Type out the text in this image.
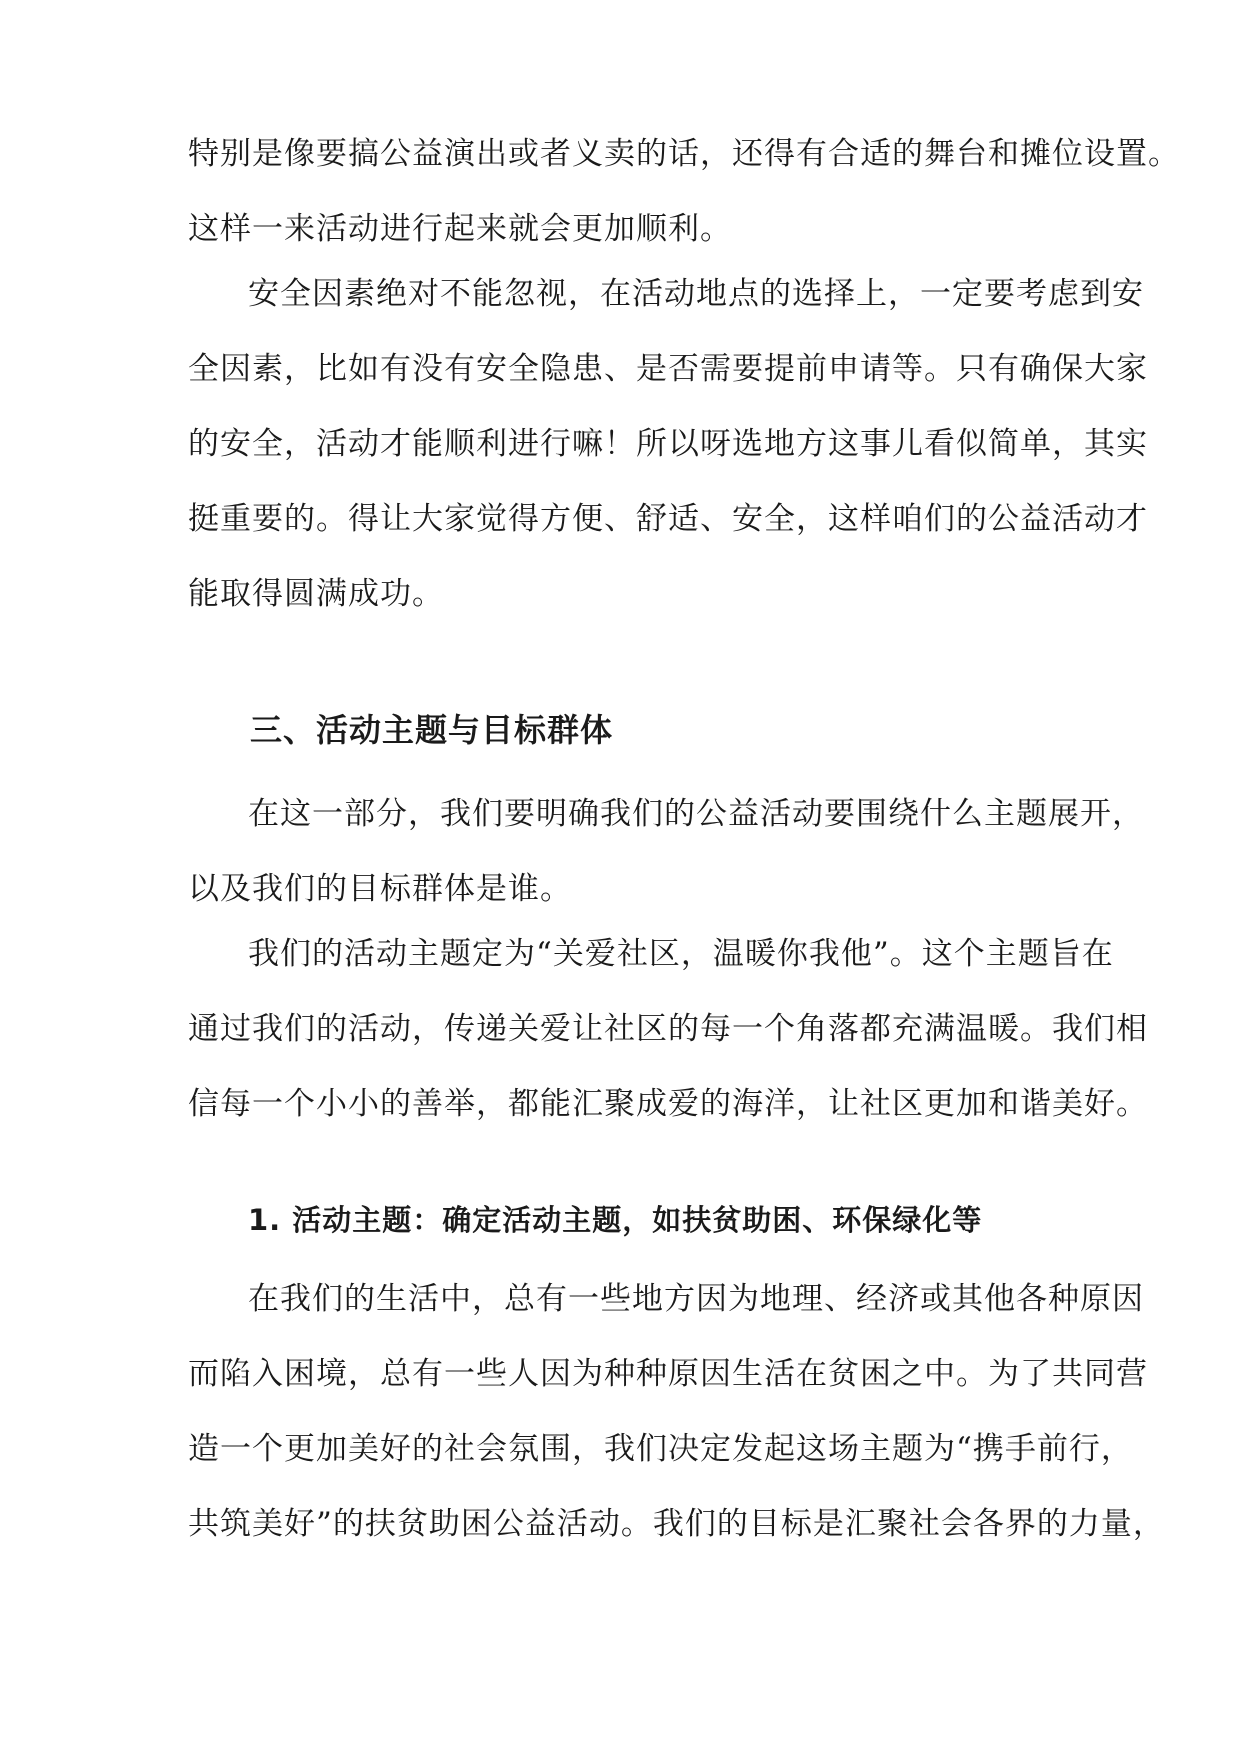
特别是像要搞公益演出或者义卖的话，还得有合适的舞台和摊位设置。
这样一来活动进行起来就会更加顺利。
安全因素绝对不能忽视，在活动地点的选择上，一定要考虑到安
全因素，比如有没有安全隐患、是否需要提前申请等。只有确保大家
的安全，活动才能顺利进行嘛！所以呀选地方这事儿看似简单，其实
挺重要的。得让大家觉得方便、舒适、安全，这样咱们的公益活动才
能取得圆满成功。
三、活动主题与目标群体
在这一部分，我们要明确我们的公益活动要围绕什么主题展开，
以及我们的目标群体是谁。
我们的活动主题定为“关爱社区，温暖你我他”。这个主题旨在
通过我们的活动，传递关爱让社区的每一个角落都充满温暖。我们相
信每一个小小的善举，都能汇聚成爱的海洋，让社区更加和谐美好。
1. 活动主题：确定活动主题，如扶贫助困、环保绿化等
在我们的生活中，总有一些地方因为地理、经济或其他各种原因
而陷入困境，总有一些人因为种种原因生活在贫困之中。为了共同营
造一个更加美好的社会氛围，我们决定发起这场主题为“携手前行，
共筑美好”的扶贫助困公益活动。我们的目标是汇聚社会各界的力量，
